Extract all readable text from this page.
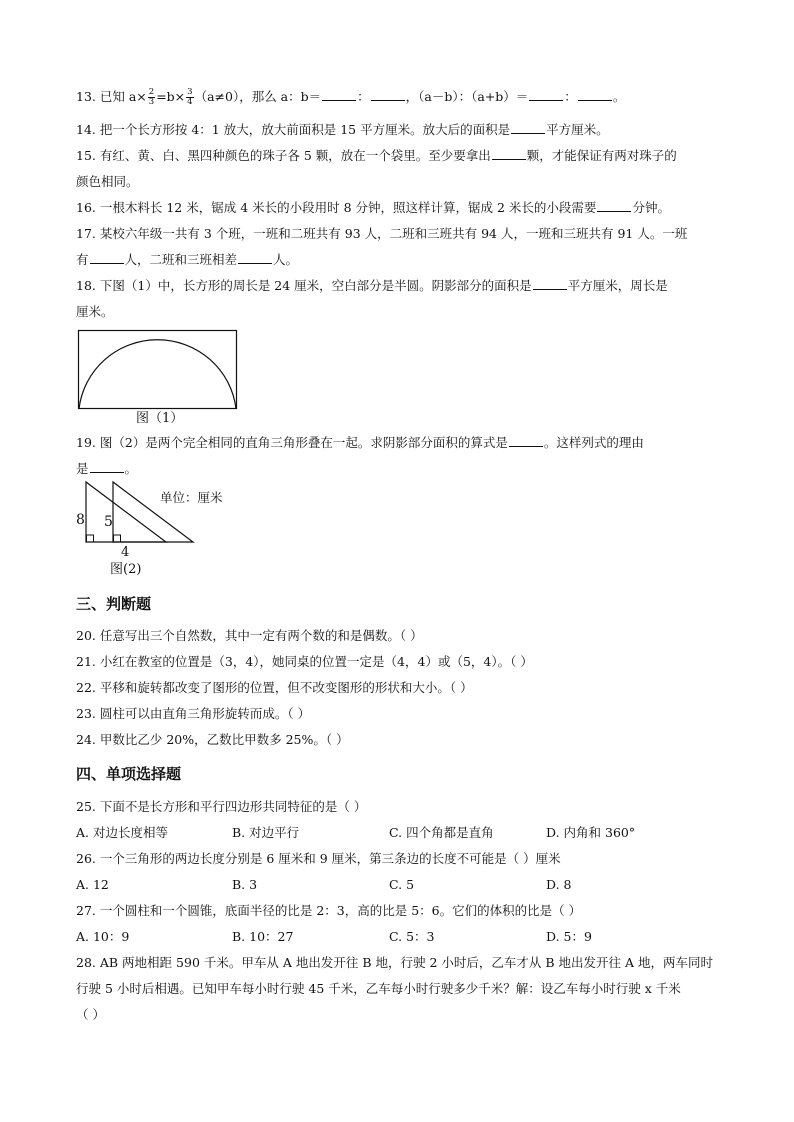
13. 已知 $a\times \frac{2}{3} =b\times \frac{3}{4} (a\ne 0)$，那么 a：b＝	：	，（a－b）：（a+b）＝	：	。
14. 把一个长方形按 4：1 放大，放大前面积是 15 平方厘米。放大后的面积是	平方厘米。
15. 有红、黄、白、黑四种颜色的珠子各 5 颗，放在一个袋里。至少要拿出	颗，才能保证有两对珠子的
颜色相同。
16. 一根木料长 12 米，锯成 4 米长的小段用时 8 分钟，照这样计算，锯成 2 米长的小段需要	分钟。
17. 某校六年级一共有 3 个班，一班和二班共有 93 人，二班和三班共有 94 人，一班和三班共有 91 人。一班
有	人，二班和三班相差	人。
18. 下图（1）中，长方形的周长是 24 厘米，空白部分是半圆。阴影部分的面积是	平方厘米，周长是
厘米。
图（1）
19. 图（2）是两个完全相同的直角三角形叠在一起。求阴影部分面积的算式是	。这样列式的理由
是	。
8 5
4
单位：厘米
图(2)
三、判断题
20. 任意写出三个自然数，其中一定有两个数的和是偶数。（ ）
21. 小红在教室的位置是（3，4），她同桌的位置一定是（4，4）或（5，4）。（ ）
22. 平移和旋转都改变了图形的位置，但不改变图形的形状和大小。（ ）
23. 圆柱可以由直角三角形旋转而成。（ ）
24. 甲数比乙少 20%，乙数比甲数多 25%。（ ）
四、单项选择题
25. 下面不是长方形和平行四边形共同特征的是（ ）
A. 对边长度相等	B. 对边平行	C. 四个角都是直角	D. 内角和 360°
26. 一个三角形的两边长度分别是 6 厘米和 9 厘米，第三条边的长度不可能是（ ）厘米
A. 12	B. 3	C. 5	D. 8
27. 一个圆柱和一个圆锥，底面半径的比是 2：3，高的比是 5：6。它们的体积的比是（ ）
A. 10：9	B. 10：27	C. 5：3	D. 5：9
28. AB 两地相距 590 千米。甲车从 A 地出发开往 B 地，行驶 2 小时后，乙车才从 B 地出发开往 A 地，两车同时
行驶 5 小时后相遇。已知甲车每小时行驶 45 千米，乙车每小时行驶多少千米？解：设乙车每小时行驶 x 千米
（ ）
